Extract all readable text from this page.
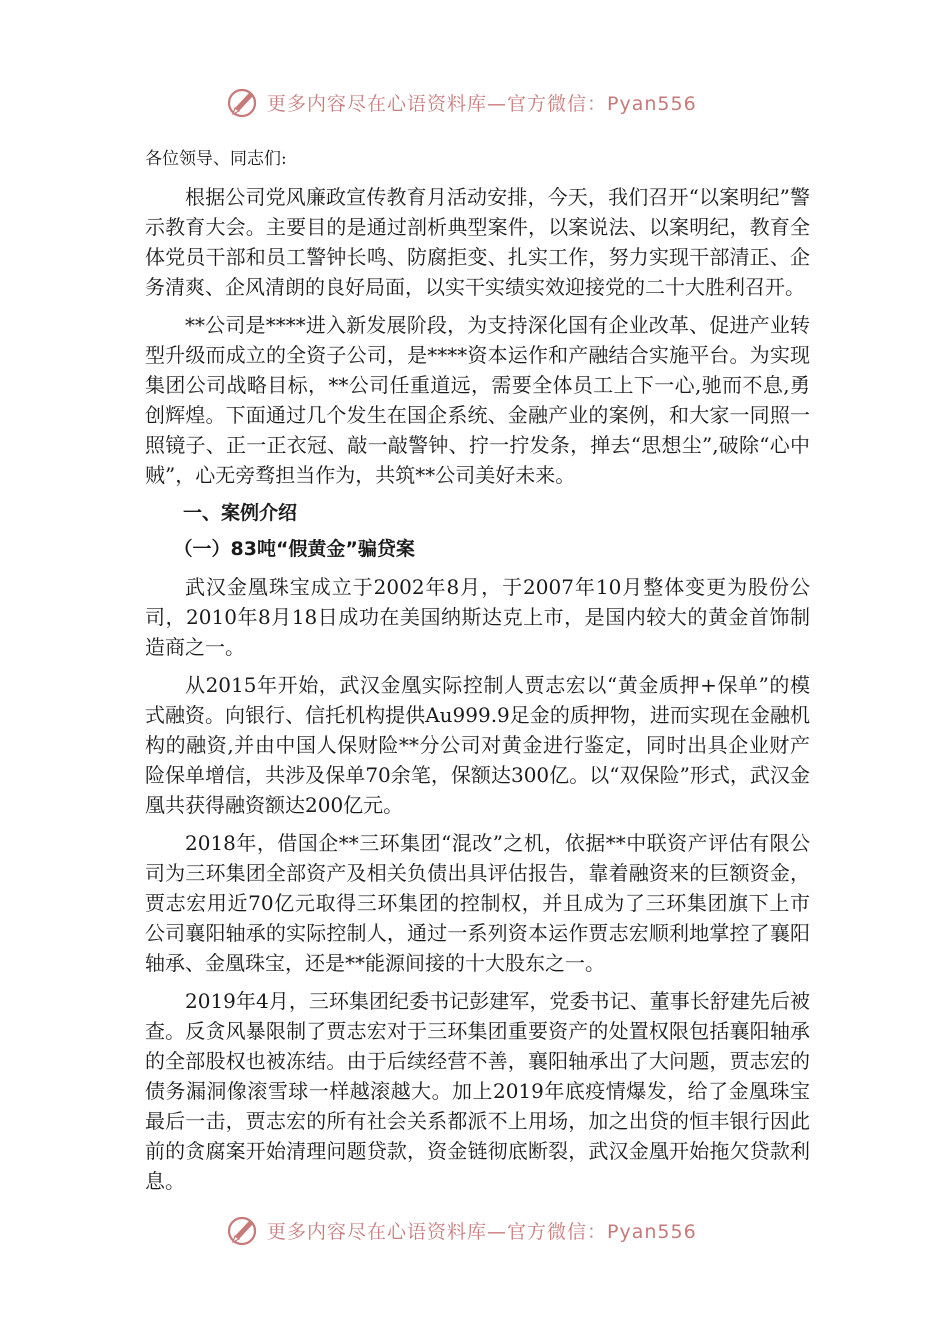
更多内容尽在心语资料库—官方微信：Pyan556

各位领导、同志们:

根据公司党风廉政宣传教育月活动安排，今天，我们召开“以案明纪”警示教育大会。主要目的是通过剖析典型案件，以案说法、以案明纪，教育全体党员干部和员工警钟长鸣、防腐拒变、扎实工作，努力实现干部清正、企务清爽、企风清朗的良好局面，以实干实绩实效迎接党的二十大胜利召开。

**公司是****进入新发展阶段，为支持深化国有企业改革、促进产业转型升级而成立的全资子公司，是****资本运作和产融结合实施平台。为实现集团公司战略目标，**公司任重道远，需要全体员工上下一心,驰而不息,勇创辉煌。下面通过几个发生在国企系统、金融产业的案例，和大家一同照一照镜子、正一正衣冠、敲一敲警钟、拧一拧发条，掸去“思想尘”,破除“心中贼”，心无旁骛担当作为，共筑**公司美好未来。

一、案例介绍

（一）83吨“假黄金”骗贷案

武汉金凰珠宝成立于2002年8月，于2007年10月整体变更为股份公司，2010年8月18日成功在美国纳斯达克上市，是国内较大的黄金首饰制造商之一。

从2015年开始，武汉金凰实际控制人贾志宏以“黄金质押+保单”的模式融资。向银行、信托机构提供Au999.9足金的质押物，进而实现在金融机构的融资,并由中国人保财险**分公司对黄金进行鉴定，同时出具企业财产险保单增信，共涉及保单70余笔，保额达300亿。以“双保险”形式，武汉金凰共获得融资额达200亿元。

2018年，借国企**三环集团“混改”之机，依据**中联资产评估有限公司为三环集团全部资产及相关负债出具评估报告，靠着融资来的巨额资金，贾志宏用近70亿元取得三环集团的控制权，并且成为了三环集团旗下上市公司襄阳轴承的实际控制人，通过一系列资本运作贾志宏顺利地掌控了襄阳轴承、金凰珠宝，还是**能源间接的十大股东之一。

2019年4月，三环集团纪委书记彭建军，党委书记、董事长舒建先后被查。反贪风暴限制了贾志宏对于三环集团重要资产的处置权限包括襄阳轴承的全部股权也被冻结。由于后续经营不善，襄阳轴承出了大问题，贾志宏的债务漏洞像滚雪球一样越滚越大。加上2019年底疫情爆发，给了金凰珠宝最后一击，贾志宏的所有社会关系都派不上用场，加之出贷的恒丰银行因此前的贪腐案开始清理问题贷款，资金链彻底断裂，武汉金凰开始拖欠贷款利息。

更多内容尽在心语资料库—官方微信：Pyan556
